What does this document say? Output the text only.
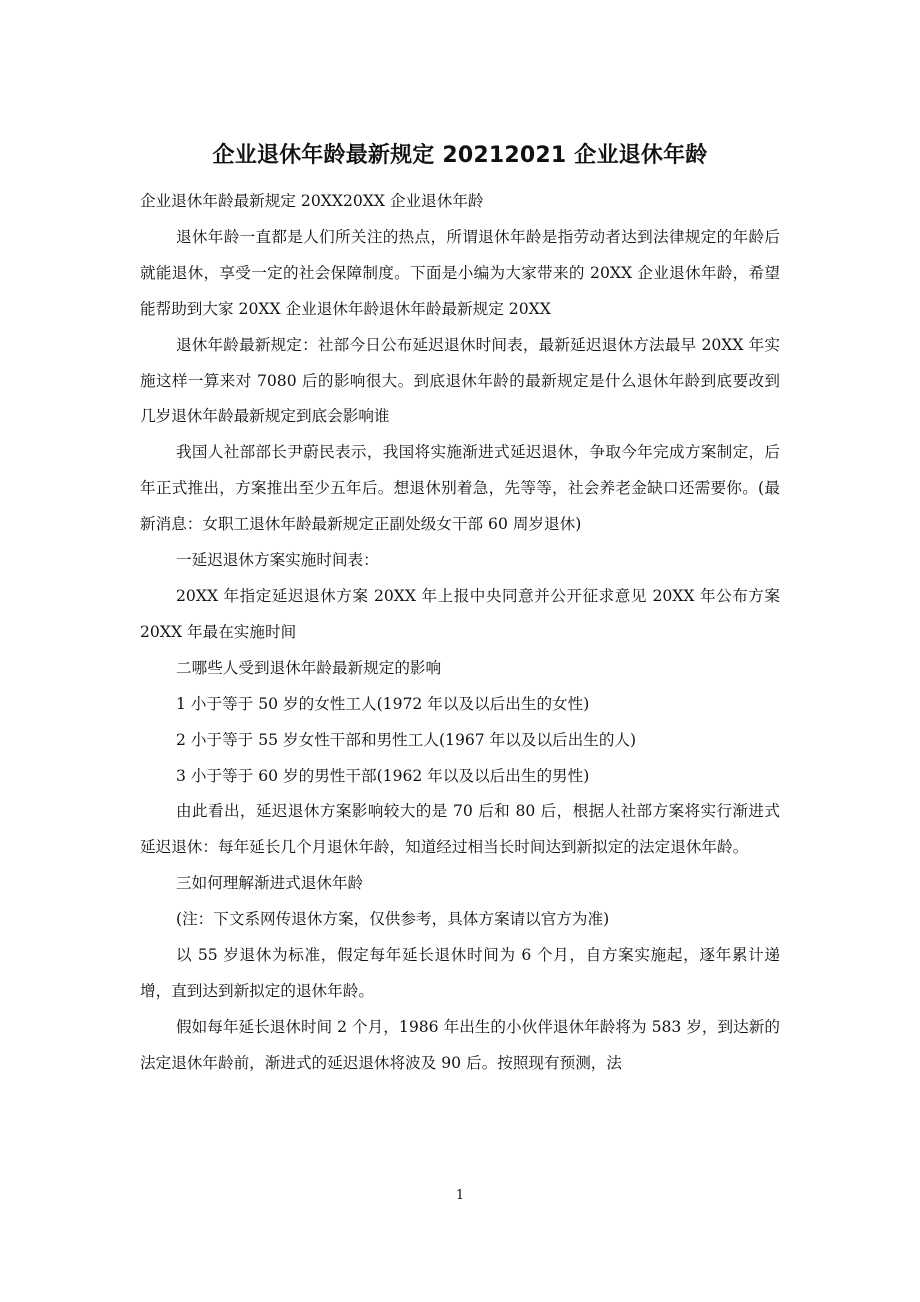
企业退休年龄最新规定 20212021 企业退休年龄

企业退休年龄最新规定 20XX20XX 企业退休年龄

退休年龄一直都是人们所关注的热点，所谓退休年龄是指劳动者达到法律规定的年龄后就能退休，享受一定的社会保障制度。下面是小编为大家带来的 20XX 企业退休年龄，希望能帮助到大家 20XX 企业退休年龄退休年龄最新规定 20XX

退休年龄最新规定：社部今日公布延迟退休时间表，最新延迟退休方法最早 20XX 年实施这样一算来对 7080 后的影响很大。到底退休年龄的最新规定是什么退休年龄到底要改到几岁退休年龄最新规定到底会影响谁

我国人社部部长尹蔚民表示，我国将实施渐进式延迟退休，争取今年完成方案制定，后年正式推出，方案推出至少五年后。想退休别着急，先等等，社会养老金缺口还需要你。(最新消息：女职工退休年龄最新规定正副处级女干部 60 周岁退休)

一延迟退休方案实施时间表：

20XX 年指定延迟退休方案 20XX 年上报中央同意并公开征求意见 20XX 年公布方案 20XX 年最在实施时间

二哪些人受到退休年龄最新规定的影响

1 小于等于 50 岁的女性工人(1972 年以及以后出生的女性)

2 小于等于 55 岁女性干部和男性工人(1967 年以及以后出生的人)

3 小于等于 60 岁的男性干部(1962 年以及以后出生的男性)

由此看出，延迟退休方案影响较大的是 70 后和 80 后，根据人社部方案将实行渐进式延迟退休：每年延长几个月退休年龄，知道经过相当长时间达到新拟定的法定退休年龄。

三如何理解渐进式退休年龄

(注：下文系网传退休方案，仅供参考，具体方案请以官方为准)

以 55 岁退休为标准，假定每年延长退休时间为 6 个月，自方案实施起，逐年累计递增，直到达到新拟定的退休年龄。

假如每年延长退休时间 2 个月，1986 年出生的小伙伴退休年龄将为 583 岁，到达新的法定退休年龄前，渐进式的延迟退休将波及 90 后。按照现有预测，法

1
